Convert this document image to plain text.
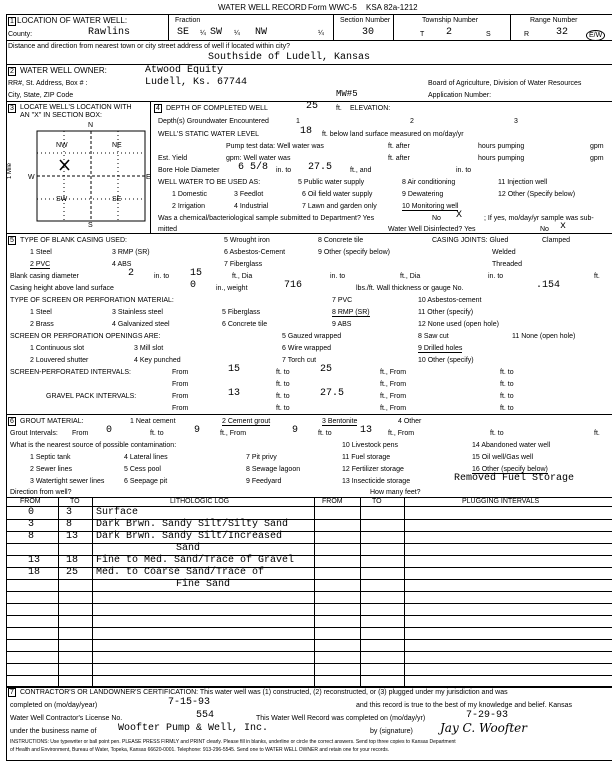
WATER WELL RECORD Form WWC-5 KSA 82a-1212
1 LOCATION OF WATER WELL:
County:	Rawlins
Fraction
SE ¼ SW ¼ NW	¼
Section Number
30
Township Number
T 2	S
Range Number
R	32	E/W
Distance and direction from nearest town or city street address of well if located within city?
Southside of Ludell, Kansas
2 WATER WELL OWNER:	Atwood Equity
RR#, St. Address, Box # :	Ludell, Ks. 67744
City, State, ZIP Code
Board of Agriculture, Division of Water Resources
Application Number:
MW#5
3 LOCATE WELL'S LOCATION WITH
AN "X" IN SECTION BOX:
N
S
W	E
1 Mile
NW	NE
SW	SE
4 DEPTH OF COMPLETED WELL	25	ft. ELEVATION:
Depth(s) Groundwater Encountered	1	2	3
WELL'S STATIC WATER LEVEL	18 ft. below land surface measured on mo/day/yr
Pump test data: Well water was	ft. after	hours pumping	gpm
Est. Yield	gpm: Well water was	ft. after	hours pumping	gpm
Bore Hole Diameter 6 5/8 in. to 27.5	ft., and	in. to
WELL WATER TO BE USED AS:	5 Public water supply	8 Air conditioning	11 Injection well
1 Domestic	3 Feedlot	6 Oil field water supply	9 Dewatering	12 Other (Specify below)
2 Irrigation	4 Industrial	7 Lawn and garden only	10 Monitoring well
Was a chemical/bacteriological sample submitted to Department? Yes	No X	; If yes, mo/day/yr sample was sub-
mitted	Water Well Disinfected? Yes	No x
5 TYPE OF BLANK CASING USED:	5 Wrought iron	8 Concrete tile	CASING JOINTS: Glued	Clamped
1 Steel	3 RMP (SR)	6 Asbestos-Cement	9 Other (specify below)	Welded
2 PVC	4 ABS	7 Fiberglass	Threaded
Blank casing diameter	2	in. to 15	ft., Dia	in. to	ft., Dia	in. to	ft.
Casing height above land surface	0	in., weight	716	lbs./ft. Wall thickness or gauge No.	.154
TYPE OF SCREEN OR PERFORATION MATERIAL:	7 PVC	10 Asbestos-cement
1 Steel	3 Stainless steel	5 Fiberglass	8 RMP (SR)	11 Other (specify)
2 Brass	4 Galvanized steel	6 Concrete tile	9 ABS	12 None used (open hole)
SCREEN OR PERFORATION OPENINGS ARE:	5 Gauzed wrapped	8 Saw cut	11 None (open hole)
1 Continuous slot	3 Mill slot	6 Wire wrapped	9 Drilled holes
2 Louvered shutter	4 Key punched	7 Torch cut	10 Other (specify)
SCREEN-PERFORATED INTERVALS:	From	15	ft. to	25	ft., From	ft. to
From	ft. to	ft., From	ft. to
GRAVEL PACK INTERVALS:	From	13	ft. to	27.5	ft., From	ft. to
From	ft. to	ft., From	ft. to
6 GROUT MATERIAL:	1 Neat cement	2 Cement grout	3 Bentonite	4 Other
Grout Intervals: From 0	ft. to	9	ft., From	9	ft. to	13 ft., From	ft. to	ft.
What is the nearest source of possible contamination:	10 Livestock pens	14 Abandoned water well
1 Septic tank	4 Lateral lines	7 Pit privy	11 Fuel storage	15 Oil well/Gas well
2 Sewer lines	5 Cess pool	8 Sewage lagoon	12 Fertilizer storage	16 Other (specify below)
3 Watertight sewer lines	6 Seepage pit	9 Feedyard	13 Insecticide storage	Removed Fuel Storage
Direction from well?	How many feet?
FROM	TO	LITHOLOGIC LOG	FROM	TO	PLUGGING INTERVALS
0	3 Surface
3	8 Dark Brwn. Sandy Silt/Silty Sand
8	13 Dark Brwn. Sandy Silt/Increased
Sand
13	18 Fine to Med. Sand/Trace of Gravel
18	25 Med. to Coarse Sand/Trace of
Fine Sand
7 CONTRACTOR'S OR LANDOWNER'S CERTIFICATION: This water well was (1) constructed, (2) reconstructed, or (3) plugged under my jurisdiction and was
completed on (mo/day/year)	7-15-93	and this record is true to the best of my knowledge and belief. Kansas
Water Well Contractor's License No.	554	This Water Well Record was completed on (mo/day/yr)	7-29-93
under the business name of Woofter Pump & Well, Inc.	by (signature) Jay C. Woofter
INSTRUCTIONS: Use typewriter or ball point pen. PLEASE PRESS FIRMLY and PRINT clearly. Please fill in blanks, underline or circle the correct answers. Send top three copies to Kansas Department
of Health and Environment, Bureau of Water, Topeka, Kansas 66620-0001. Telephone: 913-296-5545. Send one to WATER WELL OWNER and retain one for your records.
